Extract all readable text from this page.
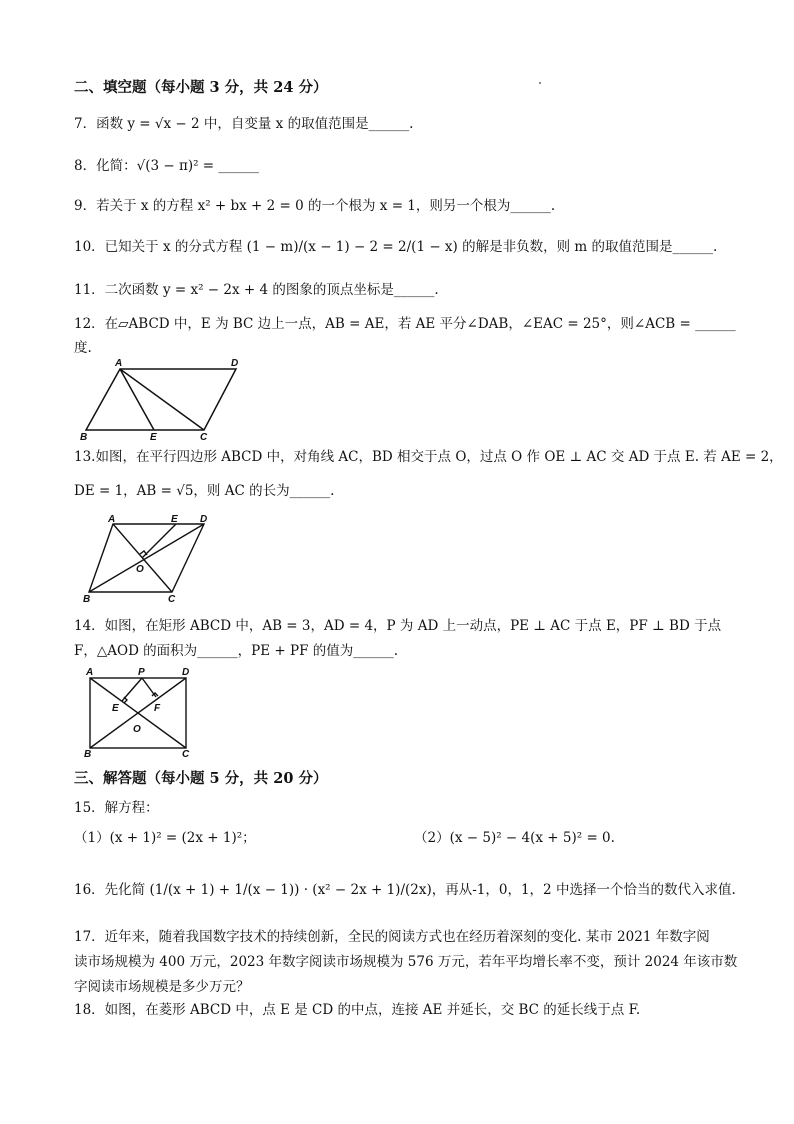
二、填空题（每小题 3 分，共 24 分）
7．函数 y = √x − 2 中，自变量 x 的取值范围是______.
8．化简：√(3 − π)² = ______
9．若关于 x 的方程 x² + bx + 2 = 0 的一个根为 x = 1，则另一个根为______.
10．已知关于 x 的分式方程 (1 − m)/(x − 1) − 2 = 2/(1 − x) 的解是非负数，则 m 的取值范围是______.
11．二次函数 y = x² − 2x + 4 的图象的顶点坐标是______.
12．在▱ABCD 中，E 为 BC 边上一点，AB = AE，若 AE 平分∠DAB，∠EAC = 25°，则∠ACB = ______
度.
A	D
B	E	C
13.如图，在平行四边形 ABCD 中，对角线 AC，BD 相交于点 O，过点 O 作 OE ⊥ AC 交 AD 于点 E. 若 AE = 2，
DE = 1，AB = √5，则 AC 的长为______.
A	E D
O
B	C
14．如图，在矩形 ABCD 中，AB = 3，AD = 4，P 为 AD 上一动点，PE ⊥ AC 于点 E，PF ⊥ BD 于点
F，△AOD 的面积为______，PE + PF 的值为______.
A	P	D
E	F
O
B	C
三、解答题（每小题 5 分，共 20 分）
15．解方程：
（1）(x + 1)² = (2x + 1)²；	（2）(x − 5)² − 4(x + 5)² = 0.
16．先化简 (1/(x + 1) + 1/(x − 1)) · (x² − 2x + 1)/(2x)，再从-1，0，1，2 中选择一个恰当的数代入求值.
17．近年来，随着我国数字技术的持续创新，全民的阅读方式也在经历着深刻的变化. 某市 2021 年数字阅
读市场规模为 400 万元，2023 年数字阅读市场规模为 576 万元，若年平均增长率不变，预计 2024 年该市数
字阅读市场规模是多少万元？
18．如图，在菱形 ABCD 中，点 E 是 CD 的中点，连接 AE 并延长，交 BC 的延长线于点 F.
